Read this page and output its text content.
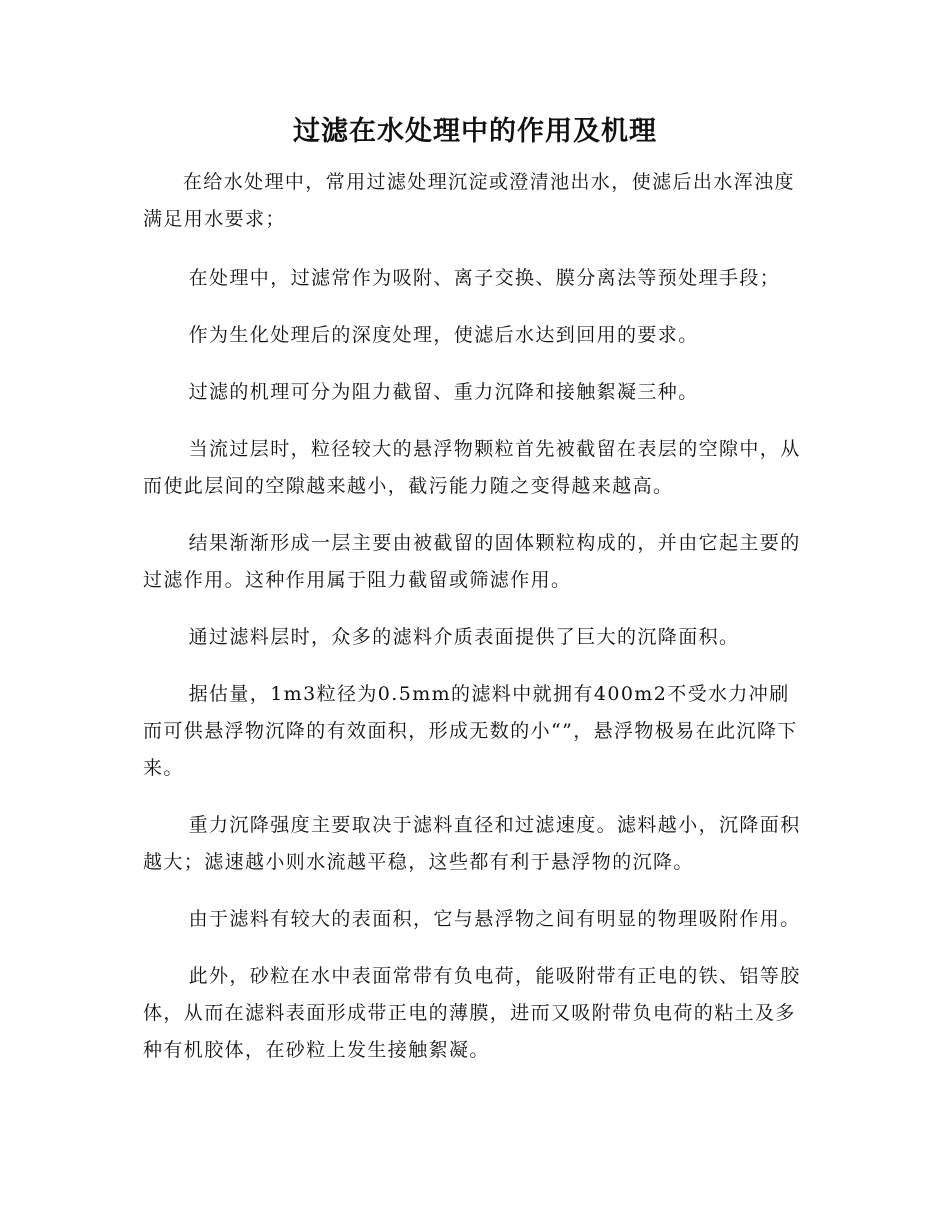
过滤在水处理中的作用及机理

在给水处理中，常用过滤处理沉淀或澄清池出水，使滤后出水浑浊度满足用水要求；

在处理中，过滤常作为吸附、离子交换、膜分离法等预处理手段；

作为生化处理后的深度处理，使滤后水达到回用的要求。

过滤的机理可分为阻力截留、重力沉降和接触絮凝三种。

当流过层时，粒径较大的悬浮物颗粒首先被截留在表层的空隙中，从而使此层间的空隙越来越小，截污能力随之变得越来越高。

结果渐渐形成一层主要由被截留的固体颗粒构成的，并由它起主要的过滤作用。这种作用属于阻力截留或筛滤作用。

通过滤料层时，众多的滤料介质表面提供了巨大的沉降面积。

据估量，1m3粒径为0.5mm的滤料中就拥有400m2不受水力冲刷而可供悬浮物沉降的有效面积，形成无数的小“”，悬浮物极易在此沉降下来。

重力沉降强度主要取决于滤料直径和过滤速度。滤料越小，沉降面积越大；滤速越小则水流越平稳，这些都有利于悬浮物的沉降。

由于滤料有较大的表面积，它与悬浮物之间有明显的物理吸附作用。

此外，砂粒在水中表面常带有负电荷，能吸附带有正电的铁、铝等胶体，从而在滤料表面形成带正电的薄膜，进而又吸附带负电荷的粘土及多种有机胶体，在砂粒上发生接触絮凝。
